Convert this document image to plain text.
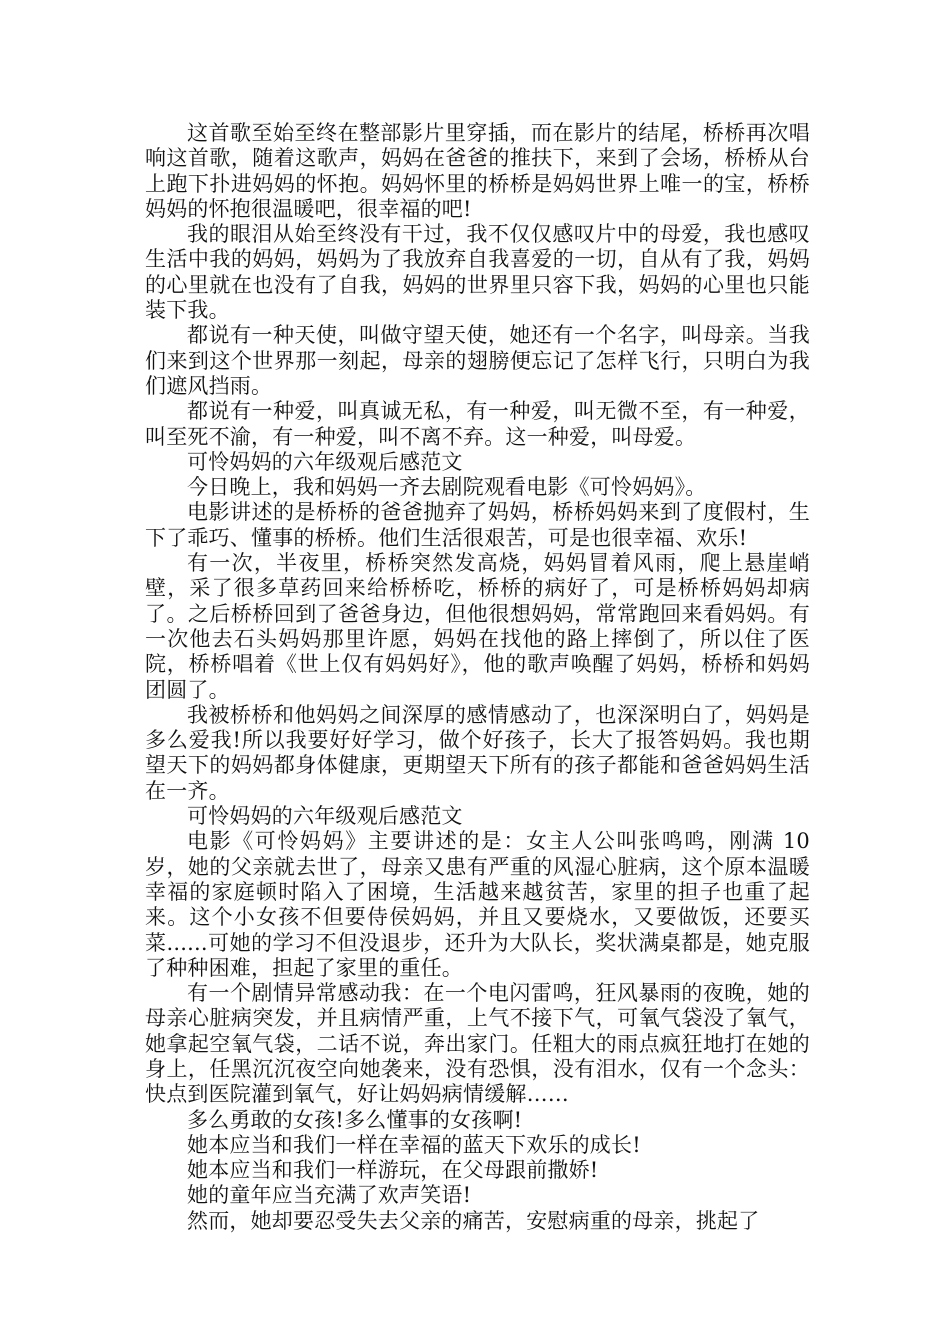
这首歌至始至终在整部影片里穿插，而在影片的结尾，桥桥再次唱响这首歌，随着这歌声，妈妈在爸爸的推扶下，来到了会场，桥桥从台上跑下扑进妈妈的怀抱。妈妈怀里的桥桥是妈妈世界上唯一的宝，桥桥妈妈的怀抱很温暖吧，很幸福的吧!

我的眼泪从始至终没有干过，我不仅仅感叹片中的母爱，我也感叹生活中我的妈妈，妈妈为了我放弃自我喜爱的一切，自从有了我，妈妈的心里就在也没有了自我，妈妈的世界里只容下我，妈妈的心里也只能装下我。

都说有一种天使，叫做守望天使，她还有一个名字，叫母亲。当我们来到这个世界那一刻起，母亲的翅膀便忘记了怎样飞行，只明白为我们遮风挡雨。

都说有一种爱，叫真诚无私，有一种爱，叫无微不至，有一种爱，叫至死不渝，有一种爱，叫不离不弃。这一种爱，叫母爱。

可怜妈妈的六年级观后感范文

今日晚上，我和妈妈一齐去剧院观看电影《可怜妈妈》。

电影讲述的是桥桥的爸爸抛弃了妈妈，桥桥妈妈来到了度假村，生下了乖巧、懂事的桥桥。他们生活很艰苦，可是也很幸福、欢乐!

有一次，半夜里，桥桥突然发高烧，妈妈冒着风雨，爬上悬崖峭壁，采了很多草药回来给桥桥吃，桥桥的病好了，可是桥桥妈妈却病了。之后桥桥回到了爸爸身边，但他很想妈妈，常常跑回来看妈妈。有一次他去石头妈妈那里许愿，妈妈在找他的路上摔倒了，所以住了医院，桥桥唱着《世上仅有妈妈好》，他的歌声唤醒了妈妈，桥桥和妈妈团圆了。

我被桥桥和他妈妈之间深厚的感情感动了，也深深明白了，妈妈是多么爱我!所以我要好好学习，做个好孩子，长大了报答妈妈。我也期望天下的妈妈都身体健康，更期望天下所有的孩子都能和爸爸妈妈生活在一齐。

可怜妈妈的六年级观后感范文

电影《可怜妈妈》主要讲述的是：女主人公叫张鸣鸣，刚满 10 岁，她的父亲就去世了，母亲又患有严重的风湿心脏病，这个原本温暖幸福的家庭顿时陷入了困境，生活越来越贫苦，家里的担子也重了起来。这个小女孩不但要侍侯妈妈，并且又要烧水，又要做饭，还要买菜......可她的学习不但没退步，还升为大队长，奖状满桌都是，她克服了种种困难，担起了家里的重任。

有一个剧情异常感动我：在一个电闪雷鸣，狂风暴雨的夜晚，她的母亲心脏病突发，并且病情严重，上气不接下气，可氧气袋没了氧气，她拿起空氧气袋，二话不说，奔出家门。任粗大的雨点疯狂地打在她的身上，任黑沉沉夜空向她袭来，没有恐惧，没有泪水，仅有一个念头：快点到医院灌到氧气，好让妈妈病情缓解……

多么勇敢的女孩!多么懂事的女孩啊!

她本应当和我们一样在幸福的蓝天下欢乐的成长!

她本应当和我们一样游玩，在父母跟前撒娇!

她的童年应当充满了欢声笑语!

然而，她却要忍受失去父亲的痛苦，安慰病重的母亲，挑起了
